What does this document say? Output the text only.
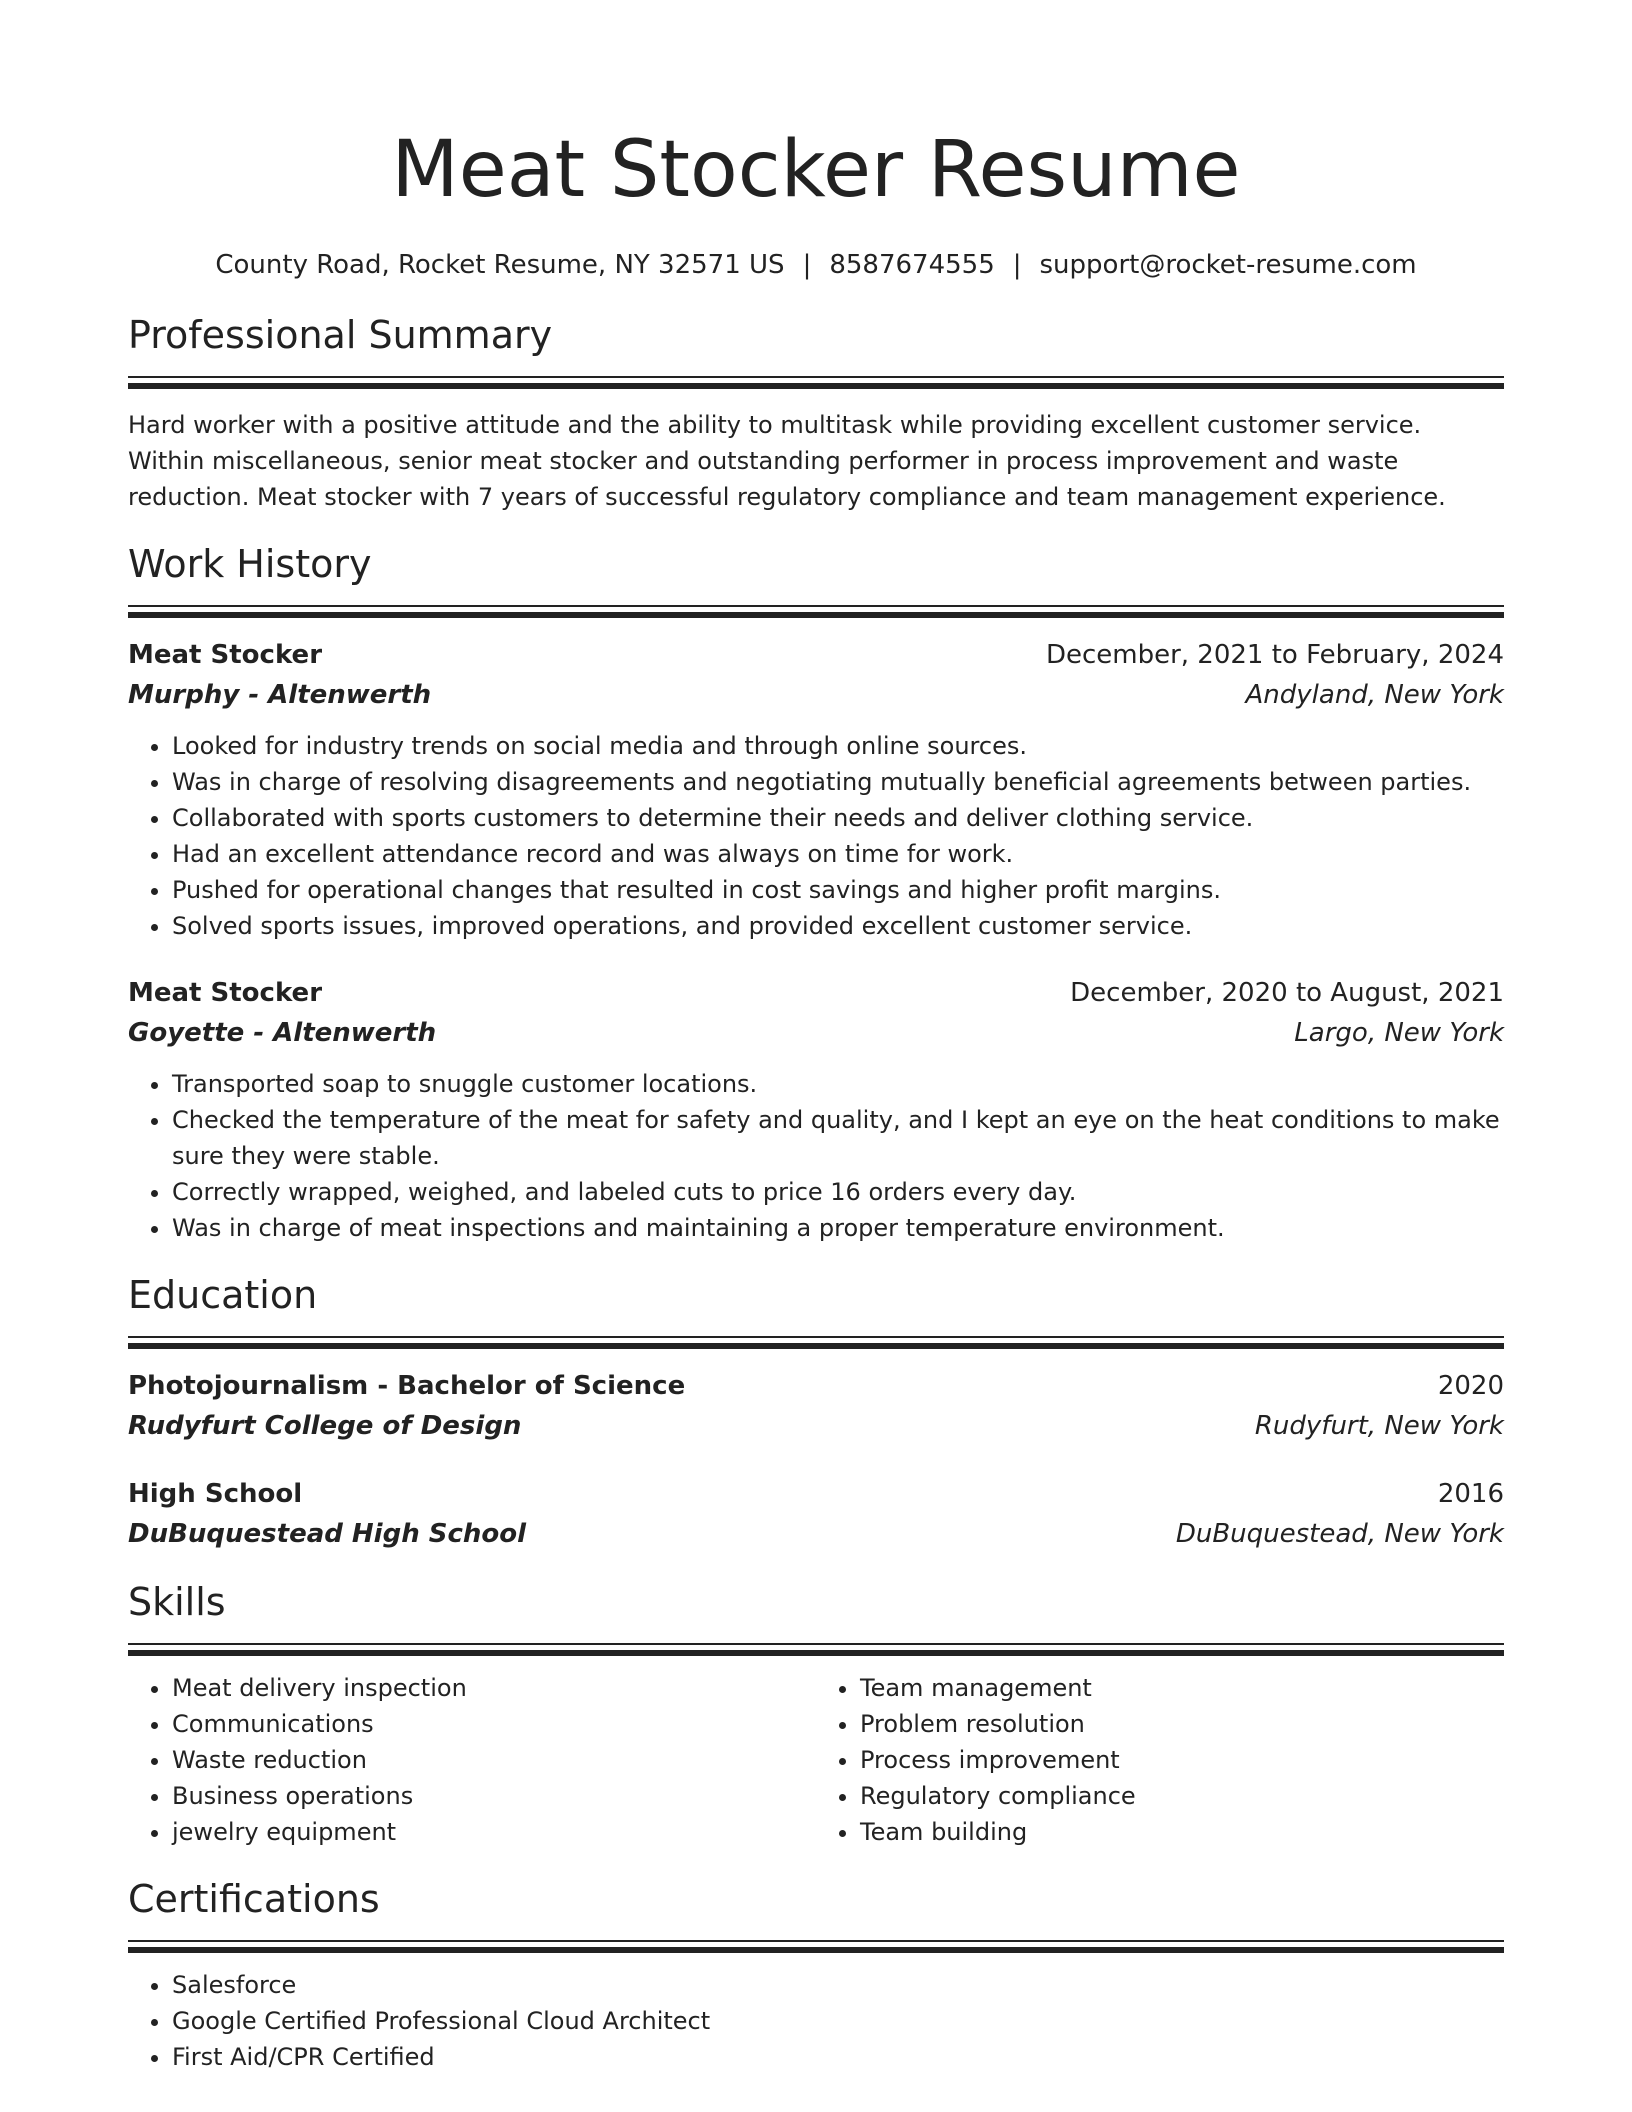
Meat Stocker Resume
County Road, Rocket Resume, NY 32571 US | 8587674555 | support@rocket-resume.com
Professional Summary
Hard worker with a positive attitude and the ability to multitask while providing excellent customer service. Within miscellaneous, senior meat stocker and outstanding performer in process improvement and waste reduction. Meat stocker with 7 years of successful regulatory compliance and team management experience.
Work History
Meat Stocker	December, 2021 to February, 2024
Murphy - Altenwerth	Andyland, New York
• Looked for industry trends on social media and through online sources.
• Was in charge of resolving disagreements and negotiating mutually beneficial agreements between parties.
• Collaborated with sports customers to determine their needs and deliver clothing service.
• Had an excellent attendance record and was always on time for work.
• Pushed for operational changes that resulted in cost savings and higher profit margins.
• Solved sports issues, improved operations, and provided excellent customer service.
Meat Stocker	December, 2020 to August, 2021
Goyette - Altenwerth	Largo, New York
• Transported soap to snuggle customer locations.
• Checked the temperature of the meat for safety and quality, and I kept an eye on the heat conditions to make sure they were stable.
• Correctly wrapped, weighed, and labeled cuts to price 16 orders every day.
• Was in charge of meat inspections and maintaining a proper temperature environment.
Education
Photojournalism - Bachelor of Science	2020
Rudyfurt College of Design	Rudyfurt, New York
High School	2016
DuBuquestead High School	DuBuquestead, New York
Skills
• Meat delivery inspection
• Communications
• Waste reduction
• Business operations
• jewelry equipment
• Team management
• Problem resolution
• Process improvement
• Regulatory compliance
• Team building
Certifications
• Salesforce
• Google Certified Professional Cloud Architect
• First Aid/CPR Certified
